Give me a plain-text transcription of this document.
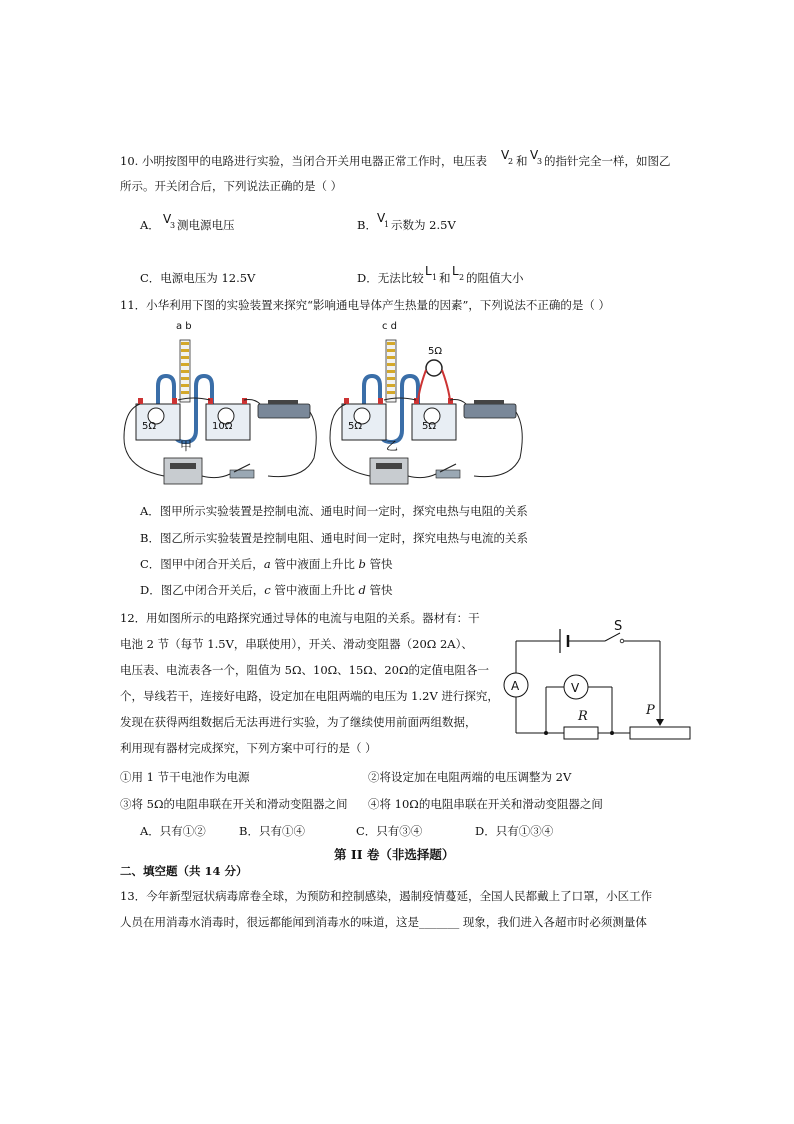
10. 小明按图甲的电路进行实验，当闭合开关用电器正常工作时，电压表 V
2 和 V
3 的指针完全一样，如图乙
所示。开关闭合后，下列说法正确的是（ ）
A． V
3 测电源电压	B． V
1 示数为 2.5V
C．电源电压为 12.5V	D．无法比较 L 1 和 L 2 的阻值大小
11．小华利用下图的实验装置来探究“影响通电导体产生热量的因素”，下列说法不正确的是（ ）
a b
5Ω	10Ω
甲
c d
5Ω
5Ω	5Ω
乙
A．图甲所示实验装置是控制电流、通电时间一定时，探究电热与电阻的关系
B．图乙所示实验装置是控制电阻、通电时间一定时，探究电热与电流的关系
C．图甲中闭合开关后，a 管中液面上升比 b 管快
D．图乙中闭合开关后，c 管中液面上升比 d 管快
12．用如图所示的电路探究通过导体的电流与电阻的关系。器材有：干
电池 2 节（每节 1.5V，串联使用），开关、滑动变阻器（20Ω 2A）、
电压表、电流表各一个，阻值为 5Ω、10Ω、15Ω、20Ω的定值电阻各一
个，导线若干，连接好电路，设定加在电阻两端的电压为 1.2V 进行探究，
发现在获得两组数据后无法再进行实验，为了继续使用前面两组数据，
利用现有器材完成探究，下列方案中可行的是（ ）
S
A	V
R	P
①用 1 节干电池作为电源	②将设定加在电阻两端的电压调整为 2V
③将 5Ω的电阻串联在开关和滑动变阻器之间 ④将 10Ω的电阻串联在开关和滑动变阻器之间
A．只有①②	B．只有①④	C．只有③④	D．只有①③④
第 II 卷（非选择题）
二、填空题（共 14 分）
13．今年新型冠状病毒席卷全球，为预防和控制感染，遏制疫情蔓延，全国人民都戴上了口罩，小区工作
人员在用消毒水消毒时，很远都能闻到消毒水的味道，这是_______ 现象，我们进入各超市时必须测量体
